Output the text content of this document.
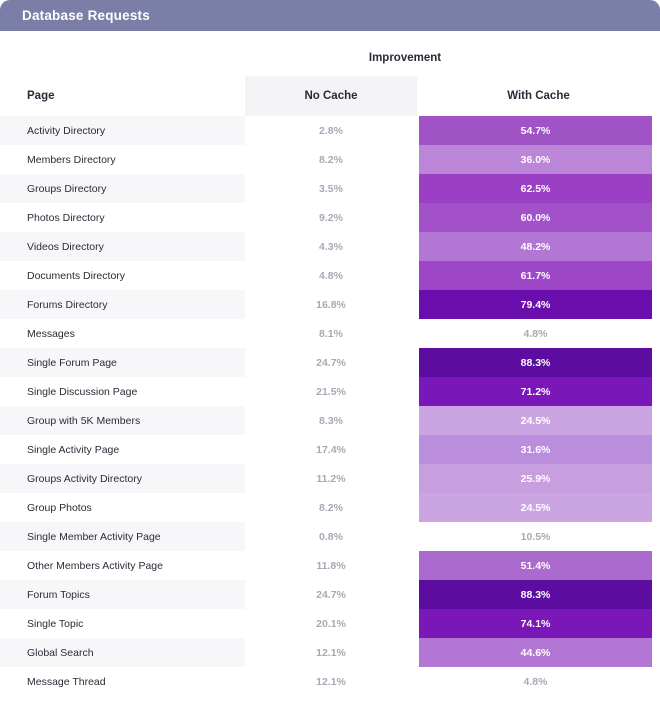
Database Requests
Improvement
Page	No Cache	With Cache
Activity Directory	2.8%	54.7%

Members Directory	8.2%	36.0%

Groups Directory	3.5%	62.5%

Photos Directory	9.2%	60.0%

Videos Directory	4.3%	48.2%

Documents Directory	4.8%	61.7%

Forums Directory	16.8%	79.4%

Messages	8.1%	4.8%

Single Forum Page	24.7%	88.3%

Single Discussion Page	21.5%	71.2%

Group with 5K Members	8.3%	24.5%

Single Activity Page	17.4%	31.6%

Groups Activity Directory	11.2%	25.9%

Group Photos	8.2%	24.5%

Single Member Activity Page	0.8%	10.5%

Other Members Activity Page	11.8%	51.4%

Forum Topics	24.7%	88.3%

Single Topic	20.1%	74.1%

Global Search	12.1%	44.6%

Message Thread	12.1%	4.8%
